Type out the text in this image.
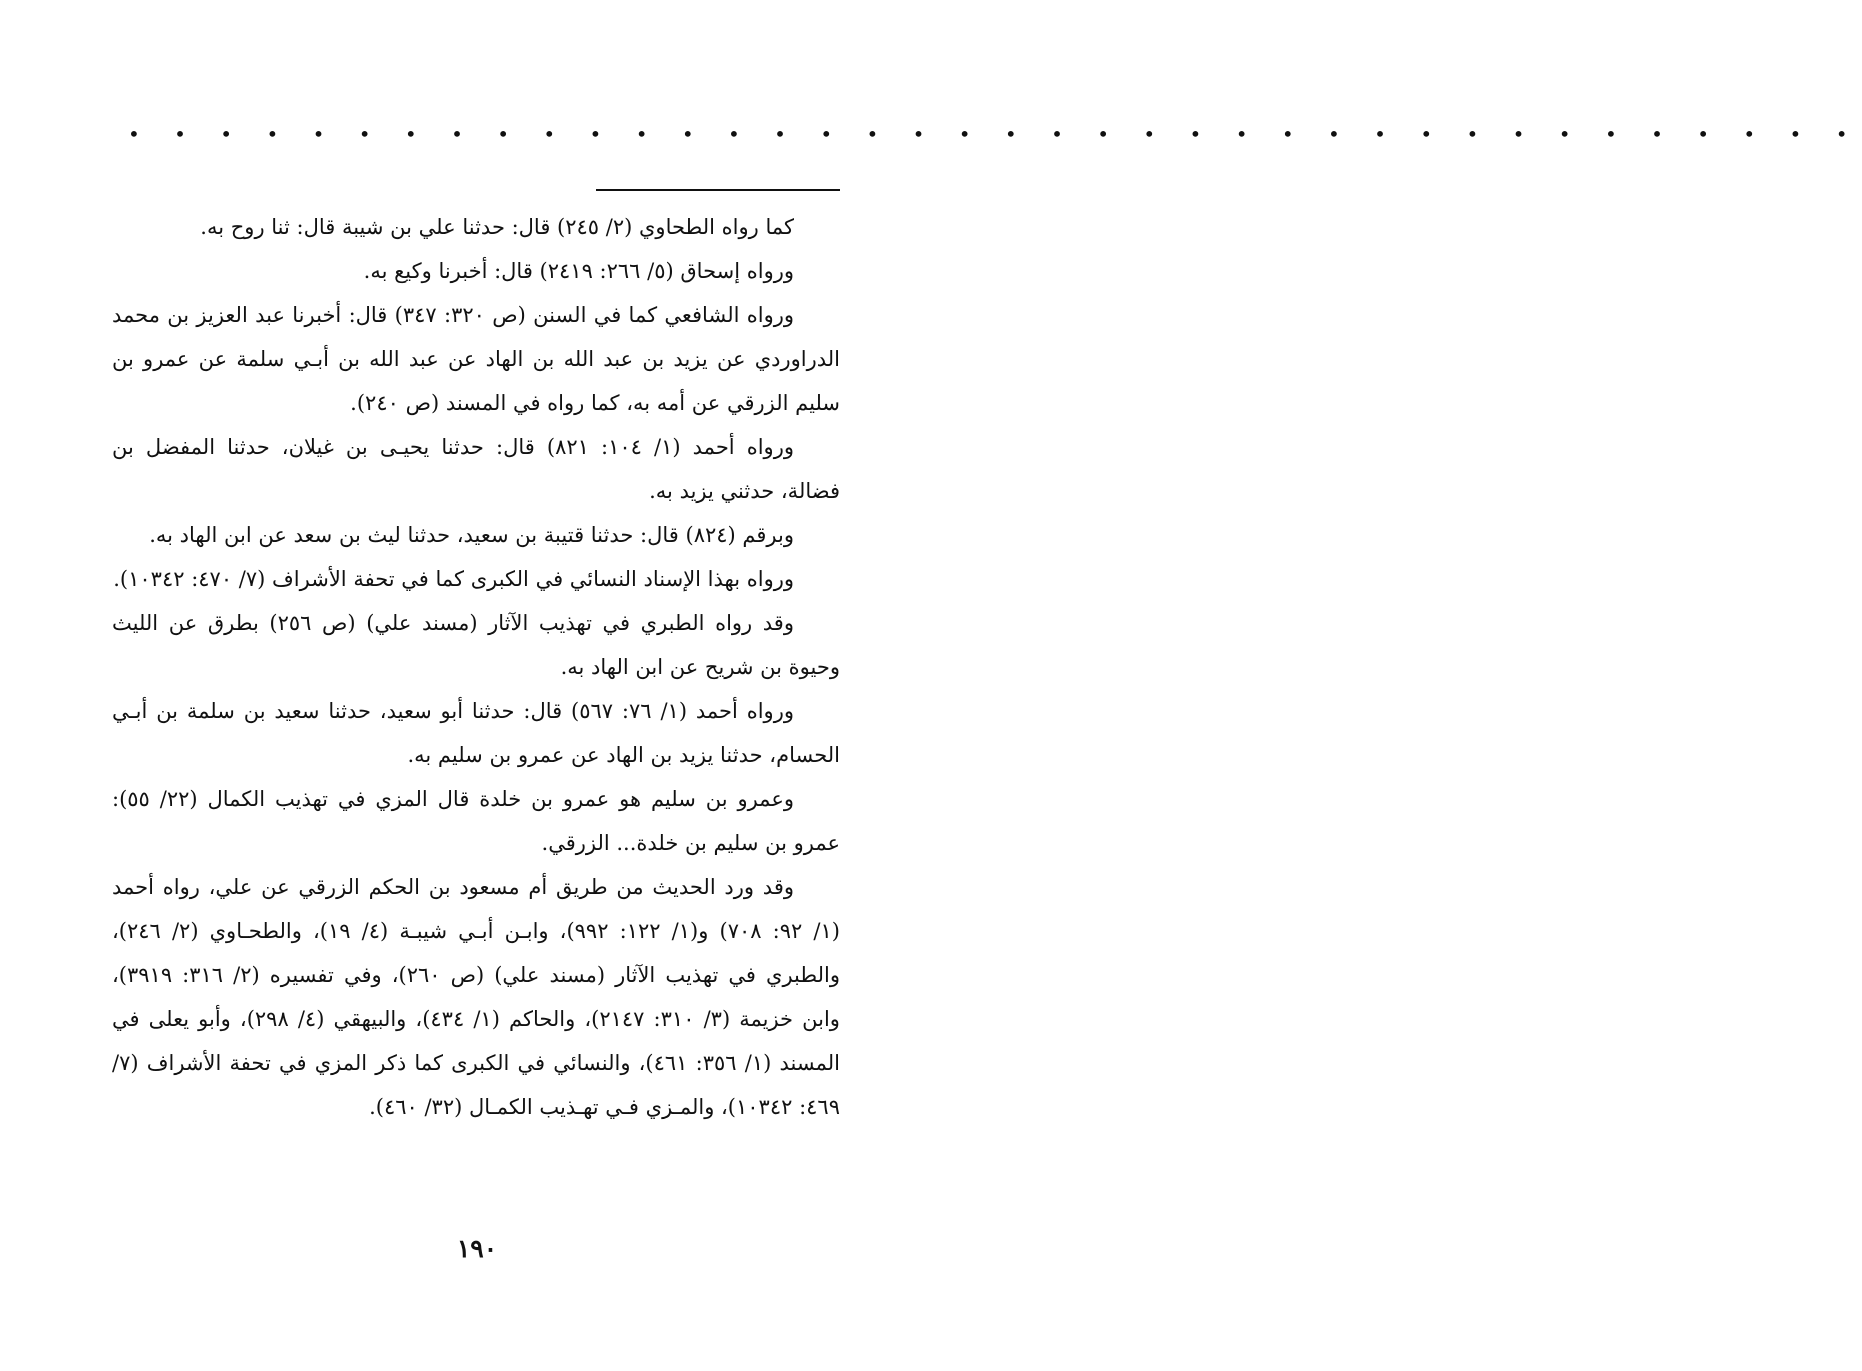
• • • • • • • • • • • • • • • • • • • • • • • • • • • • • • • • • • • • • •

كما رواه الطحاوي (٢/ ٢٤٥) قال: حدثنا علي بن شيبة قال: ثنا روح به.

ورواه إسحاق (٥/ ٢٦٦: ٢٤١٩) قال: أخبرنا وكيع به.

ورواه الشافعي كما في السنن (ص ٣٢٠: ٣٤٧) قال: أخبرنا عبد العزيز بن محمد الدراوردي عن يزيد بن عبد الله بن الهاد عن عبد الله بن أبـي سلمة عن عمرو بن سليم الزرقي عن أمه به، كما رواه في المسند (ص ٢٤٠).

ورواه أحمد (١/ ١٠٤: ٨٢١) قال: حدثنا يحيـى بن غيلان، حدثنا المفضل بن فضالة، حدثني يزيد به.

وبرقم (٨٢٤) قال: حدثنا قتيبة بن سعيد، حدثنا ليث بن سعد عن ابن الهاد به.

ورواه بهذا الإسناد النسائي في الكبرى كما في تحفة الأشراف (٧/ ٤٧٠: ١٠٣٤٢).

وقد رواه الطبري في تهذيب الآثار (مسند علي) (ص ٢٥٦) بطرق عن الليث وحيوة بن شريح عن ابن الهاد به.

ورواه أحمد (١/ ٧٦: ٥٦٧) قال: حدثنا أبو سعيد، حدثنا سعيد بن سلمة بن أبـي الحسام، حدثنا يزيد بن الهاد عن عمرو بن سليم به.

وعمرو بن سليم هو عمرو بن خلدة قال المزي في تهذيب الكمال (٢٢/ ٥٥): عمرو بن سليم بن خلدة... الزرقي.

وقد ورد الحديث من طريق أم مسعود بن الحكم الزرقي عن علي، رواه أحمد (١/ ٩٢: ٧٠٨) و(١/ ١٢٢: ٩٩٢)، وابـن أبـي شيبـة (٤/ ١٩)، والطحـاوي (٢/ ٢٤٦)، والطبري في تهذيب الآثار (مسند علي) (ص ٢٦٠)، وفي تفسيره (٢/ ٣١٦: ٣٩١٩)، وابن خزيمة (٣/ ٣١٠: ٢١٤٧)، والحاكم (١/ ٤٣٤)، والبيهقي (٤/ ٢٩٨)، وأبو يعلى في المسند (١/ ٣٥٦: ٤٦١)، والنسائي في الكبرى كما ذكر المزي في تحفة الأشراف (٧/ ٤٦٩: ١٠٣٤٢)، والمـزي فـي تهـذيب الكمـال (٣٢/ ٤٦٠).

١٩٠
